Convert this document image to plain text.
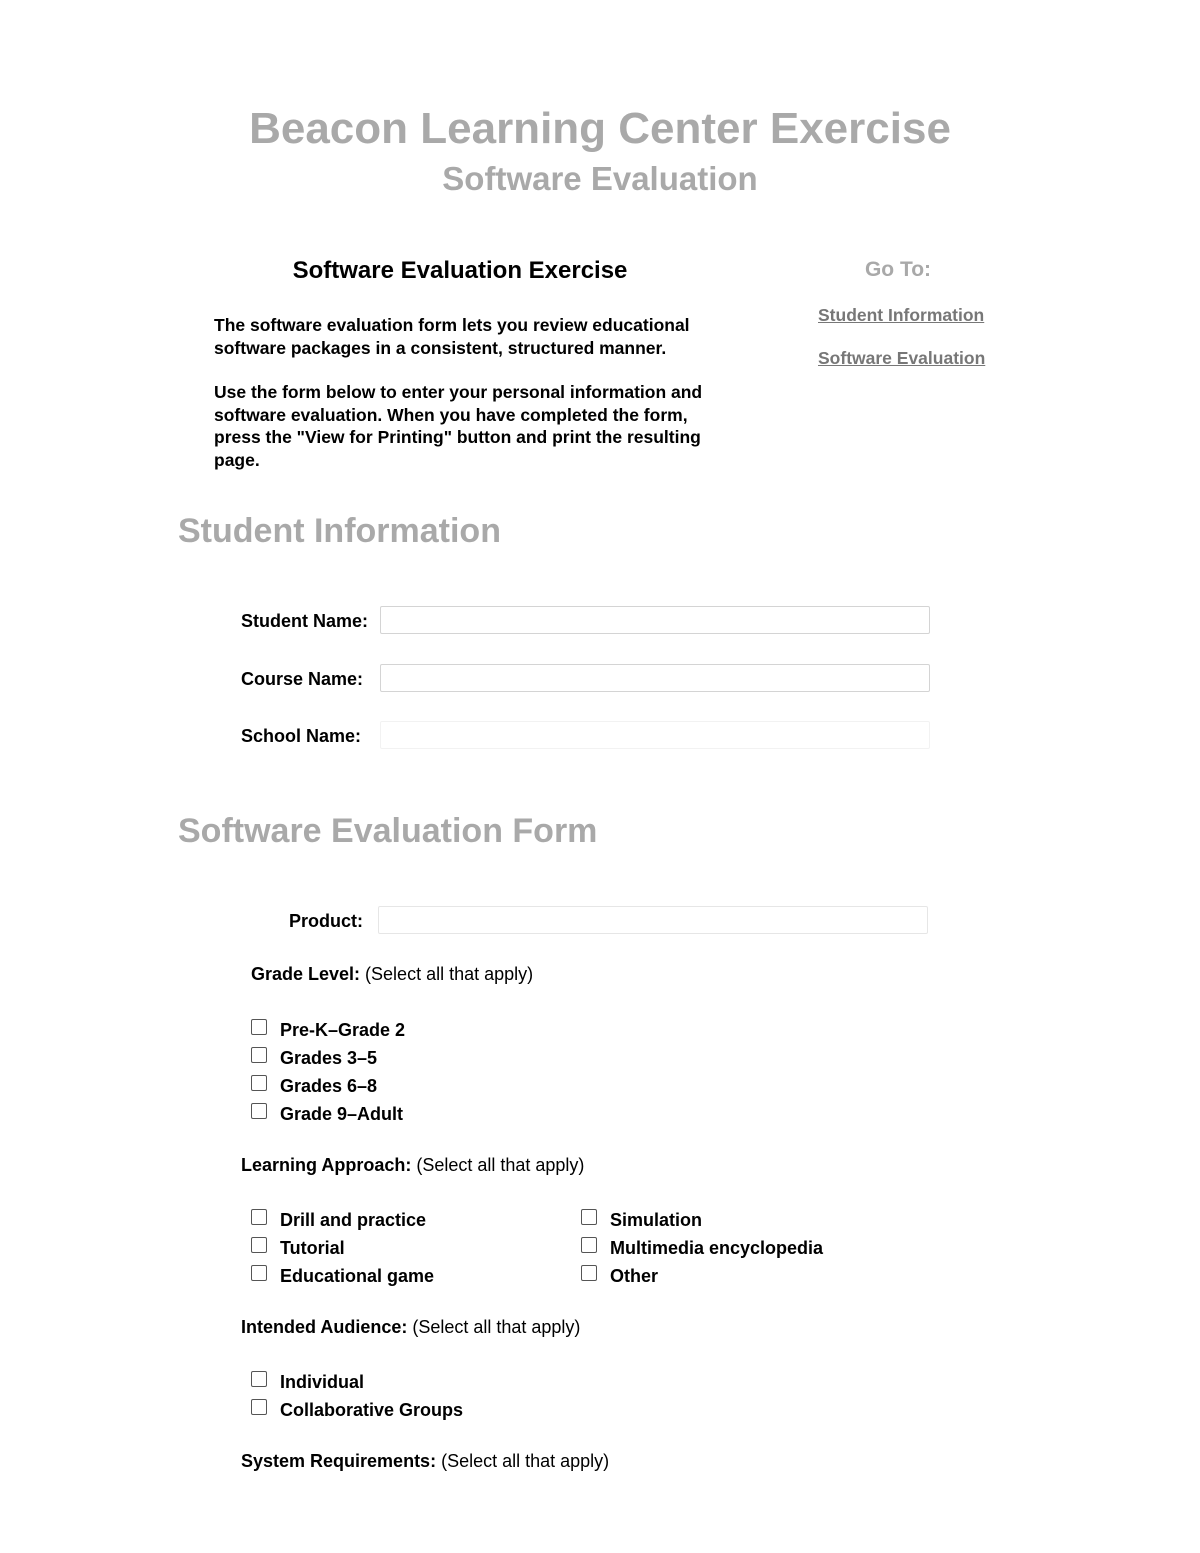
Beacon Learning Center Exercise
Software Evaluation
Software Evaluation Exercise
The software evaluation form lets you review educational software packages in a consistent, structured manner.
Use the form below to enter your personal information and software evaluation. When you have completed the form, press the "View for Printing" button and print the resulting page.
Go To:
Student Information
Software Evaluation
Student Information
Student Name:
Course Name:
School Name:
Software Evaluation Form
Product:
Grade Level: (Select all that apply)
Pre-K–Grade 2
Grades 3–5
Grades 6–8
Grade 9–Adult
Learning Approach: (Select all that apply)
Drill and practice
Tutorial
Educational game
Simulation
Multimedia encyclopedia
Other
Intended Audience: (Select all that apply)
Individual
Collaborative Groups
System Requirements: (Select all that apply)
